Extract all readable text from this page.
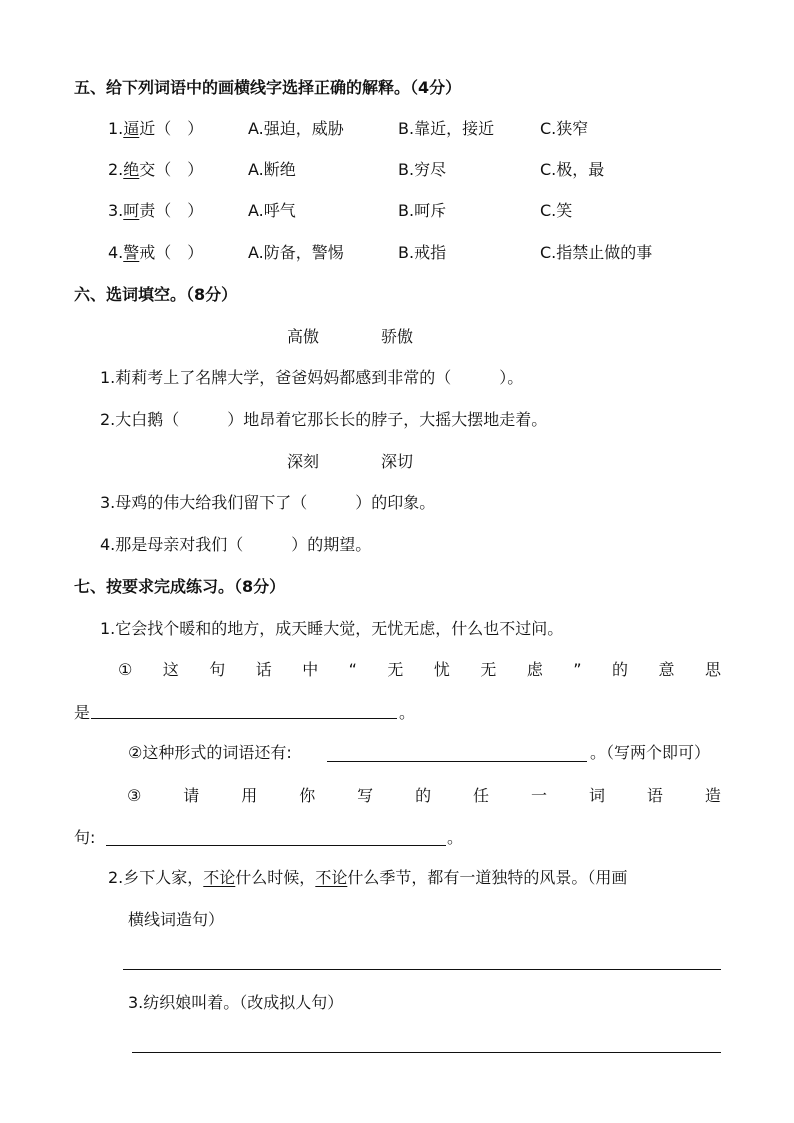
五、给下列词语中的画横线字选择正确的解释。（4分）
1.逼近（　）	A.强迫，威胁	B.靠近，接近	C.狭窄
2.绝交（　）	A.断绝	B.穷尽	C.极，最
3.呵责（　）	A.呼气	B.呵斥	C.笑
4.警戒（　）	A.防备，警惕	B.戒指	C.指禁止做的事
六、选词填空。（8分）
高傲	骄傲
1.莉莉考上了名牌大学，爸爸妈妈都感到非常的（　　　）。
2.大白鹅（　　　）地昂着它那长长的脖子，大摇大摆地走着。
深刻	深切
3.母鸡的伟大给我们留下了（　　　）的印象。
4.那是母亲对我们（　　　）的期望。
七、按要求完成练习。（8分）
1.它会找个暖和的地方，成天睡大觉，无忧无虑，什么也不过问。
① 这 句 话 中 “ 无 忧 无 虑 ” 的 意 思
是	。
②这种形式的词语还有:	。（写两个即可）
③	请	用	你	写	的	任	一	词	语	造
句:	。
2.乡下人家，不论什么时候，不论什么季节，都有一道独特的风景。（用画
横线词造句）
3.纺织娘叫着。（改成拟人句）
